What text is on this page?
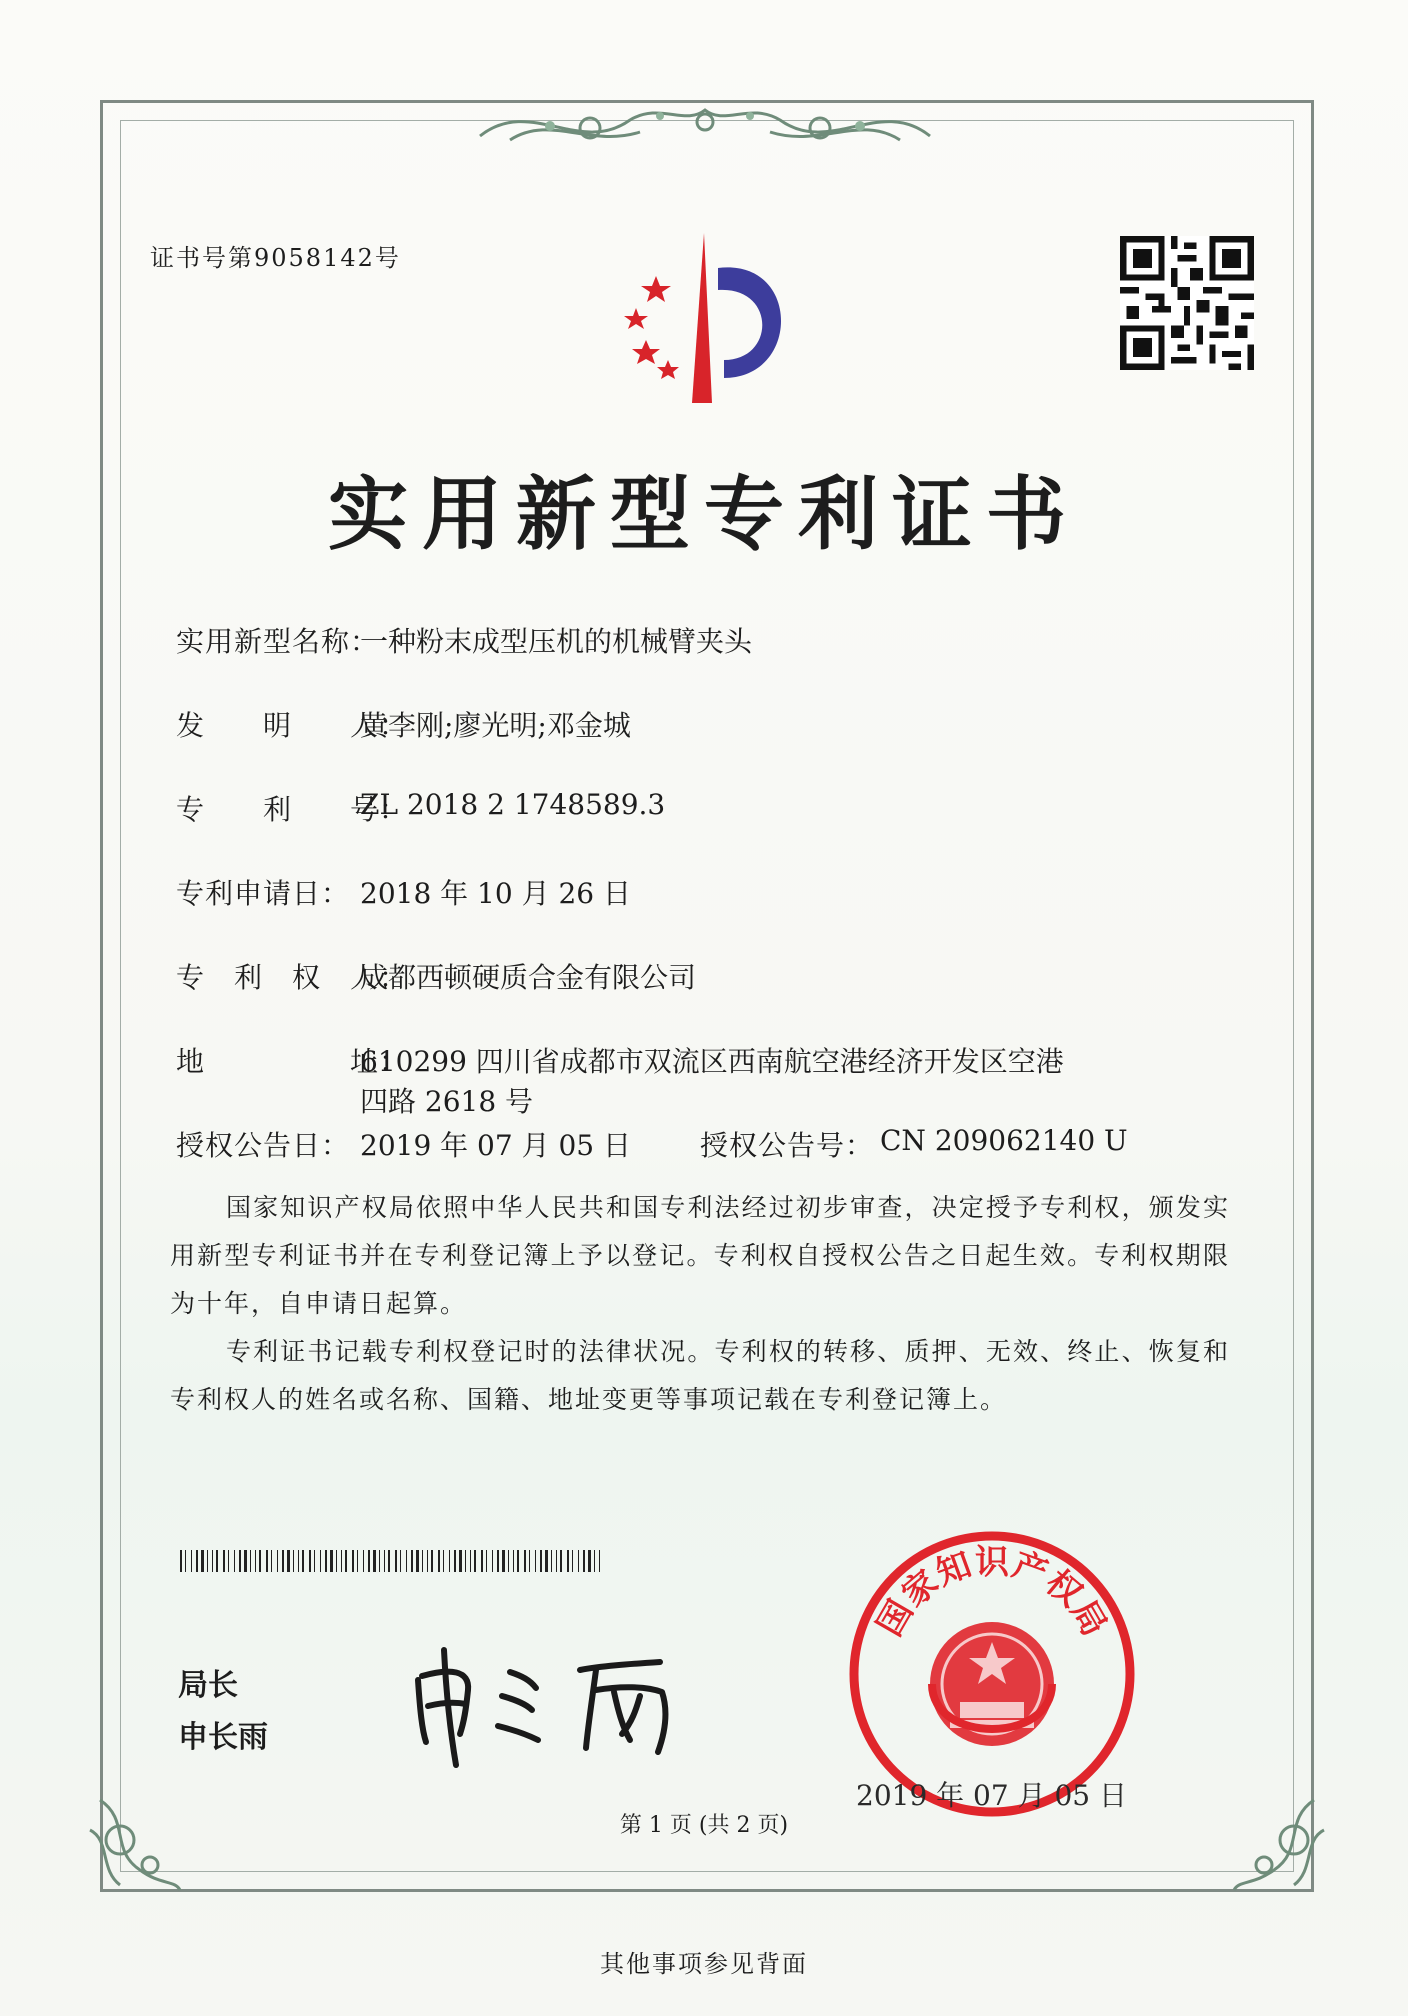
证书号第9058142号
实用新型专利证书
实用新型名称：
一种粉末成型压机的机械臂夹头
发　　明　　人：
黄李刚;廖光明;邓金城
专　　利　　号：
ZL 2018 2 1748589.3
专利申请日： 2018 年 10 月 26 日
专　利　权　人：
成都西顿硬质合金有限公司
地　　　　　址：
610299 四川省成都市双流区西南航空港经济开发区空港
四路 2618 号
授权公告日： 2019 年 07 月 05 日 授权公告号： CN 209062140 U
国家知识产权局依照中华人民共和国专利法经过初步审查，决定授予专利权，颁发实用新型专利证书并在专利登记簿上予以登记。专利权自授权公告之日起生效。专利权期限为十年，自申请日起算。
专利证书记载专利权登记时的法律状况。专利权的转移、质押、无效、终止、恢复和专利权人的姓名或名称、国籍、地址变更等事项记载在专利登记簿上。
局长
申长雨
国
家
知
识
产
权
局
2019 年 07 月 05 日
第 1 页 (共 2 页)
其他事项参见背面
